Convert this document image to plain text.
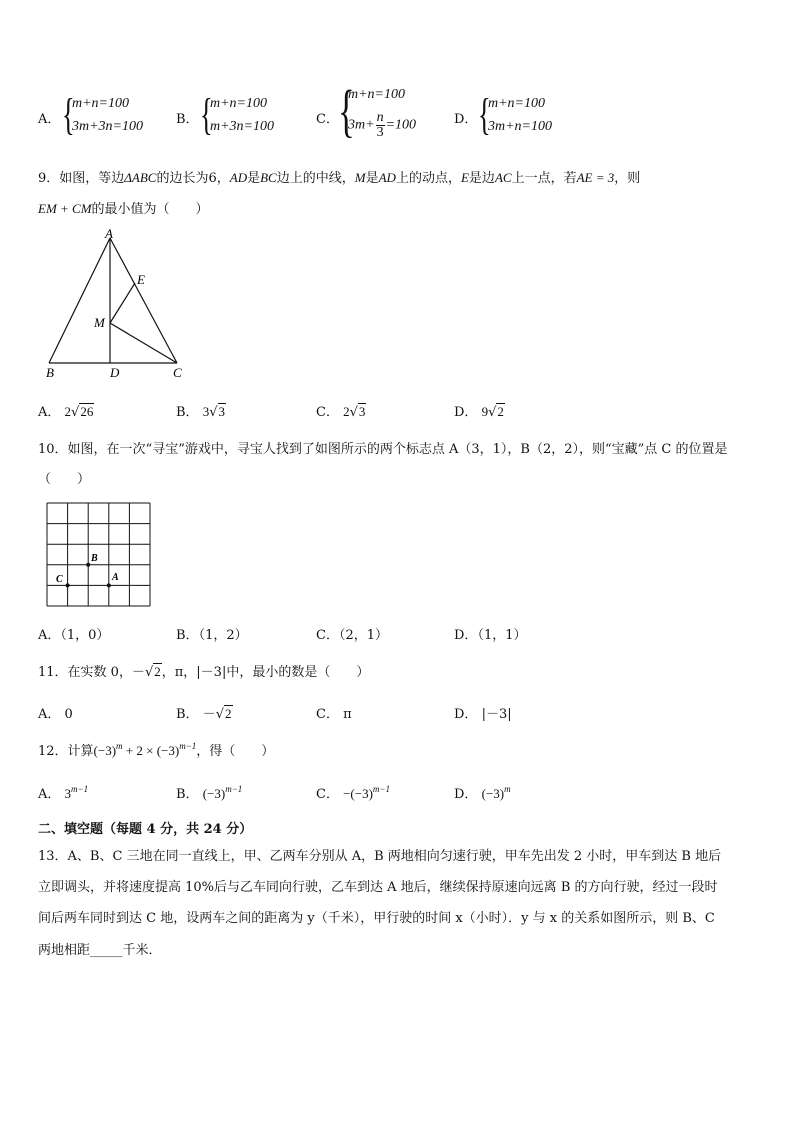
A． {
m+n=100
3m+3n=100	B． {
m+n=100
m+3n=100	C． {
m+n=100
$3m+ \frac{n}{3} =100$	D． {
m+n=100
3m+n=100
9．如图，等边ΔABC的边长为6，AD是BC边上的中线，M是AD上的动点，E是边AC上一点，若AE = 3，则
EM + CM的最小值为（　　）
A
B	C
D
E
M
A． 2√26	B． 3√3	C． 2√3	D． 9√2
10．如图，在一次“寻宝”游戏中，寻宝人找到了如图所示的两个标志点 A（3，1），B（2，2），则“宝藏”点 C 的位置是
（　　）
B
A
C
A．（1，0）	B．（1，2）	C．（2，1）	D．（1，1）
11．在实数 0，－√2，π，|－3|中，最小的数是（　　）
A． 0	B． －√2	C． π	D． |－3|
12．计算$(-3)^m + 2 \times (-3)^{m-1}$，得（　　）
A． $3^{m-1}$	B． $(-3)^{m-1}$	C． $-(-3)^{m-1}$	D． $(-3)^m$
二、填空题（每题 4 分，共 24 分）
13．A、B、C 三地在同一直线上，甲、乙两车分别从 A，B 两地相向匀速行驶，甲车先出发 2 小时，甲车到达 B 地后
立即调头，并将速度提高 10%后与乙车同向行驶，乙车到达 A 地后，继续保持原速向远离 B 的方向行驶，经过一段时
间后两车同时到达 C 地，设两车之间的距离为 y（千米），甲行驶的时间 x（小时）．y 与 x 的关系如图所示，则 B、C
两地相距_____千米．
